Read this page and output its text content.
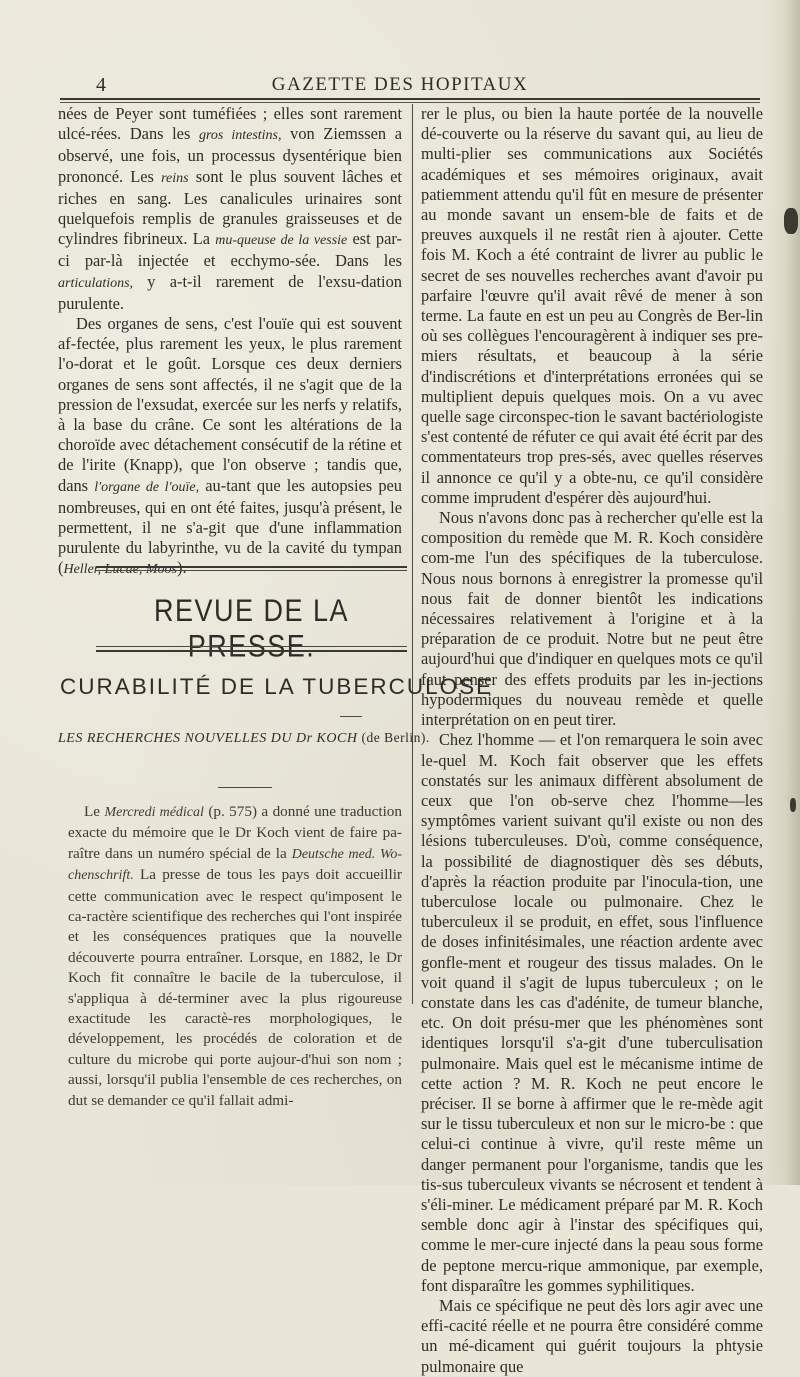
4	GAZETTE DES HOPITAUX

nées de Peyer sont tuméfiées ; elles sont rarement ulcé-rées. Dans les gros intestins, von Ziemssen a observé, une fois, un processus dysentérique bien prononcé. Les reins sont le plus souvent lâches et riches en sang. Les canalicules urinaires sont quelquefois remplis de granules graisseuses et de cylindres fibrineux. La mu-queuse de la vessie est par-ci par-là injectée et ecchymo-sée. Dans les articulations, y a-t-il rarement de l'exsu-dation purulente.

Des organes de sens, c'est l'ouïe qui est souvent af-fectée, plus rarement les yeux, le plus rarement l'o-dorat et le goût. Lorsque ces deux derniers organes de sens sont affectés, il ne s'agit que de la pression de l'exsudat, exercée sur les nerfs y relatifs, à la base du crâne. Ce sont les altérations de la choroïde avec détachement consécutif de la rétine et de l'irite (Knapp), que l'on observe ; tandis que, dans l'organe de l'ouïe, au-tant que les autopsies peu nombreuses, qui en ont été faites, jusqu'à présent, le permettent, il ne s'a-git que d'une inflammation purulente du labyrinthe, vu de la cavité du tympan (Heller, Lucae, Moos).

REVUE DE LA PRESSE.
CURABILITÉ DE LA TUBERCULOSE
LES RECHERCHES NOUVELLES DU Dr KOCH (de Berlin).

Le Mercredi médical (p. 575) a donné une traduction exacte du mémoire que le Dr Koch vient de faire pa-raître dans un numéro spécial de la Deutsche med. Wo-chenschrift. La presse de tous les pays doit accueillir cette communication avec le respect qu'imposent le ca-ractère scientifique des recherches qui l'ont inspirée et les conséquences pratiques que la nouvelle découverte pourra entraîner. Lorsque, en 1882, le Dr Koch fit connaître le bacile de la tuberculose, il s'appliqua à dé-terminer avec la plus rigoureuse exactitude les caractè-res morphologiques, le développement, les procédés de coloration et de culture du microbe qui porte aujour-d'hui son nom ; aussi, lorsqu'il publia l'ensemble de ces recherches, on dut se demander ce qu'il fallait admi-

rer le plus, ou bien la haute portée de la nouvelle dé-couverte ou la réserve du savant qui, au lieu de multi-plier ses communications aux Sociétés académiques et ses mémoires originaux, avait patiemment attendu qu'il fût en mesure de présenter au monde savant un ensem-ble de faits et de preuves auxquels il ne restât rien à ajouter. Cette fois M. Koch a été contraint de livrer au public le secret de ses nouvelles recherches avant d'avoir pu parfaire l'œuvre qu'il avait rêvé de mener à son terme. La faute en est un peu au Congrès de Ber-lin où ses collègues l'encouragèrent à indiquer ses pre-miers résultats, et beaucoup à la série d'indiscrétions et d'interprétations erronées qui se multiplient depuis quelques mois. On a vu avec quelle sage circonspec-tion le savant bactériologiste s'est contenté de réfuter ce qui avait été écrit par des commentateurs trop pres-sés, avec quelles réserves il annonce ce qu'il y a obte-nu, ce qu'il considère comme imprudent d'espérer dès aujourd'hui.

Nous n'avons donc pas à rechercher qu'elle est la composition du remède que M. R. Koch considère com-me l'un des spécifiques de la tuberculose. Nous nous bornons à enregistrer la promesse qu'il nous fait de donner bientôt les indications nécessaires relativement à l'origine et à la préparation de ce produit. Notre but ne peut être aujourd'hui que d'indiquer en quelques mots ce qu'il faut penser des effets produits par les in-jections hypodermiques du nouveau remède et quelle interprétation on en peut tirer.

Chez l'homme — et l'on remarquera le soin avec le-quel M. Koch fait observer que les effets constatés sur les animaux diffèrent absolument de ceux que l'on ob-serve chez l'homme—les symptômes varient suivant qu'il existe ou non des lésions tuberculeuses. D'où, comme conséquence, la possibilité de diagnostiquer dès ses débuts, d'après la réaction produite par l'inocula-tion, une tuberculose locale ou pulmonaire. Chez le tuberculeux il se produit, en effet, sous l'influence de doses infinitésimales, une réaction ardente avec gonfle-ment et rougeur des tissus malades. On le voit quand il s'agit de lupus tuberculeux ; on le constate dans les cas d'adénite, de tumeur blanche, etc. On doit présu-mer que les phénomènes sont identiques lorsqu'il s'a-git d'une tuberculisation pulmonaire. Mais quel est le mécanisme intime de cette action ? M. R. Koch ne peut encore le préciser. Il se borne à affirmer que le re-mède agit sur le tissu tuberculeux et non sur le micro-be : que celui-ci continue à vivre, qu'il reste même un danger permanent pour l'organisme, tandis que les tis-sus tuberculeux vivants se nécrosent et tendent à s'éli-miner. Le médicament préparé par M. R. Koch semble donc agir à l'instar des spécifiques qui, comme le mer-cure injecté dans la peau sous forme de peptone mercu-rique ammonique, par exemple, font disparaître les gommes syphilitiques.

Mais ce spécifique ne peut dès lors agir avec une effi-cacité réelle et ne pourra être considéré comme un mé-dicament qui guérit toujours la phtysie pulmonaire que
